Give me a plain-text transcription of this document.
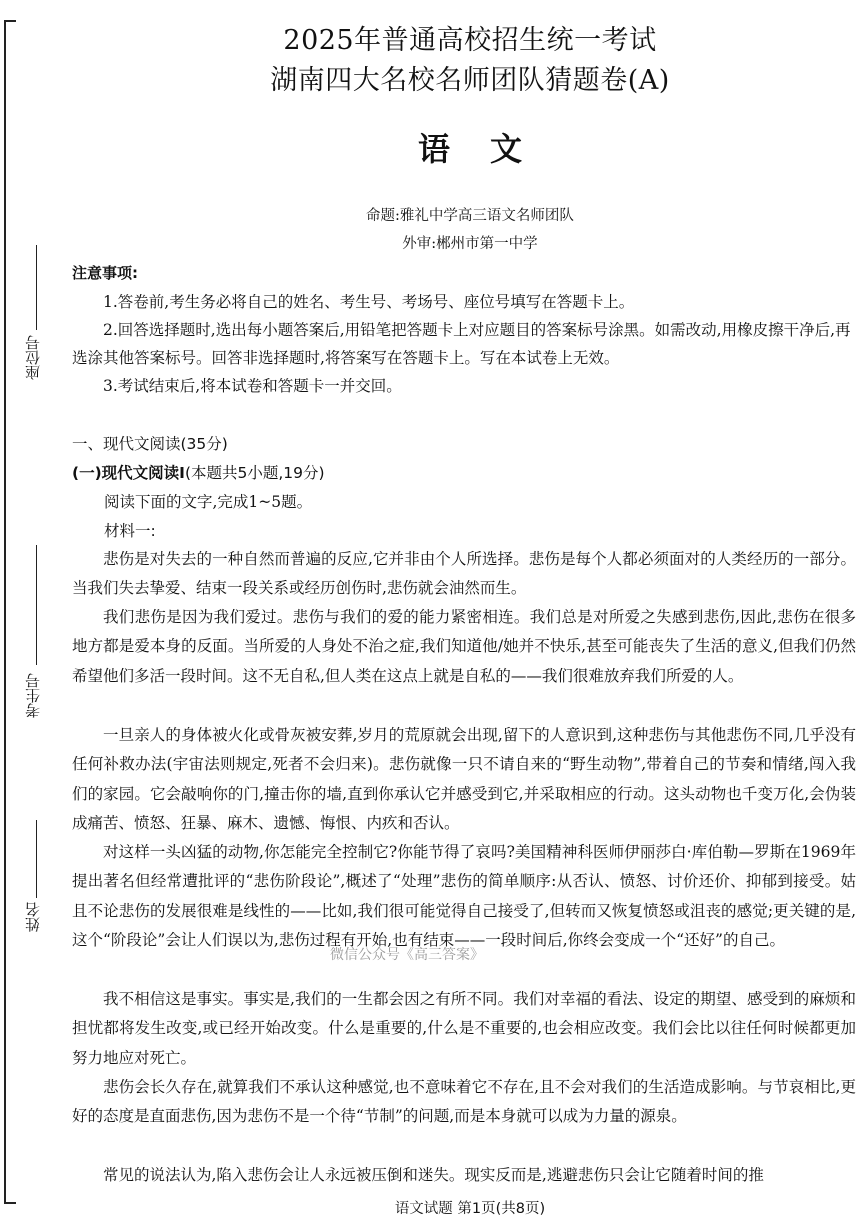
座位号
考生号
姓名
2025年普通高校招生统一考试
湖南四大名校名师团队猜题卷(A)
语文
命题:雅礼中学高三语文名师团队
外审:郴州市第一中学
注意事项:

1.答卷前,考生务必将自己的姓名、考生号、考场号、座位号填写在答题卡上。

2.回答选择题时,选出每小题答案后,用铅笔把答题卡上对应题目的答案标号涂黑。如需改动,用橡皮擦干净后,再选涂其他答案标号。回答非选择题时,将答案写在答题卡上。写在本试卷上无效。

3.考试结束后,将本试卷和答题卡一并交回。

一、现代文阅读(35分)
(一)现代文阅读Ⅰ(本题共5小题,19分)
阅读下面的文字,完成1~5题。
材料一:

悲伤是对失去的一种自然而普遍的反应,它并非由个人所选择。悲伤是每个人都必须面对的人类经历的一部分。当我们失去挚爱、结束一段关系或经历创伤时,悲伤就会油然而生。

我们悲伤是因为我们爱过。悲伤与我们的爱的能力紧密相连。我们总是对所爱之失感到悲伤,因此,悲伤在很多地方都是爱本身的反面。当所爱的人身处不治之症,我们知道他/她并不快乐,甚至可能丧失了生活的意义,但我们仍然希望他们多活一段时间。这不无自私,但人类在这点上就是自私的——我们很难放弃我们所爱的人。

一旦亲人的身体被火化或骨灰被安葬,岁月的荒原就会出现,留下的人意识到,这种悲伤与其他悲伤不同,几乎没有任何补救办法(宇宙法则规定,死者不会归来)。悲伤就像一只不请自来的“野生动物”,带着自己的节奏和情绪,闯入我们的家园。它会敲响你的门,撞击你的墙,直到你承认它并感受到它,并采取相应的行动。这头动物也千变万化,会伪装成痛苦、愤怒、狂暴、麻木、遗憾、悔恨、内疚和否认。

对这样一头凶猛的动物,你怎能完全控制它?你能节得了哀吗?美国精神科医师伊丽莎白·库伯勒—罗斯在1969年提出著名但经常遭批评的“悲伤阶段论”,概述了“处理”悲伤的简单顺序:从否认、愤怒、讨价还价、抑郁到接受。姑且不论悲伤的发展很难是线性的——比如,我们很可能觉得自己接受了,但转而又恢复愤怒或沮丧的感觉;更关键的是,这个“阶段论”会让人们误以为,悲伤过程有开始,也有结束——一段时间后,你终会变成一个“还好”的自己。

我不相信这是事实。事实是,我们的一生都会因之有所不同。我们对幸福的看法、设定的期望、感受到的麻烦和担忧都将发生改变,或已经开始改变。什么是重要的,什么是不重要的,也会相应改变。我们会比以往任何时候都更加努力地应对死亡。

悲伤会长久存在,就算我们不承认这种感觉,也不意味着它不存在,且不会对我们的生活造成影响。与节哀相比,更好的态度是直面悲伤,因为悲伤不是一个待“节制”的问题,而是本身就可以成为力量的源泉。

常见的说法认为,陷入悲伤会让人永远被压倒和迷失。现实反而是,逃避悲伤只会让它随着时间的推

微信公众号《高三答案》
语文试题 第1页(共8页)
